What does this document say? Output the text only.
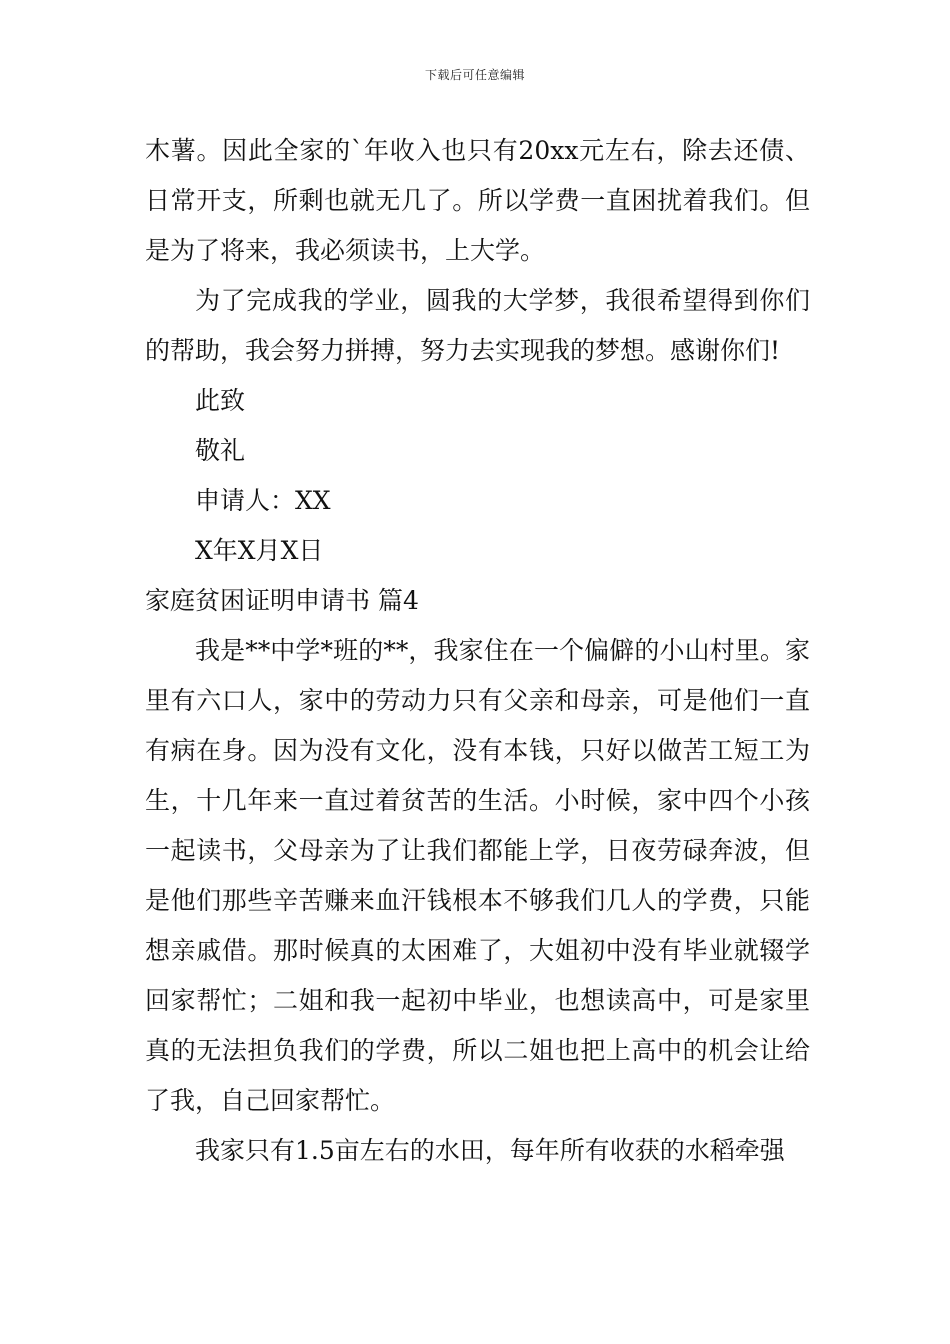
下载后可任意编辑

木薯。因此全家的`年收入也只有20xx元左右，除去还债、日常开支，所剩也就无几了。所以学费一直困扰着我们。但是为了将来，我必须读书，上大学。

为了完成我的学业，圆我的大学梦，我很希望得到你们的帮助，我会努力拼搏，努力去实现我的梦想。感谢你们!

此致

敬礼

申请人：XX

X年X月X日

家庭贫困证明申请书 篇4

我是**中学*班的**，我家住在一个偏僻的小山村里。家里有六口人，家中的劳动力只有父亲和母亲，可是他们一直有病在身。因为没有文化，没有本钱，只好以做苦工短工为生，十几年来一直过着贫苦的生活。小时候，家中四个小孩一起读书，父母亲为了让我们都能上学，日夜劳碌奔波，但是他们那些辛苦赚来血汗钱根本不够我们几人的学费，只能想亲戚借。那时候真的太困难了，大姐初中没有毕业就辍学回家帮忙；二姐和我一起初中毕业，也想读高中，可是家里真的无法担负我们的学费，所以二姐也把上高中的机会让给了我，自己回家帮忙。

我家只有1.5亩左右的水田，每年所有收获的水稻牵强
